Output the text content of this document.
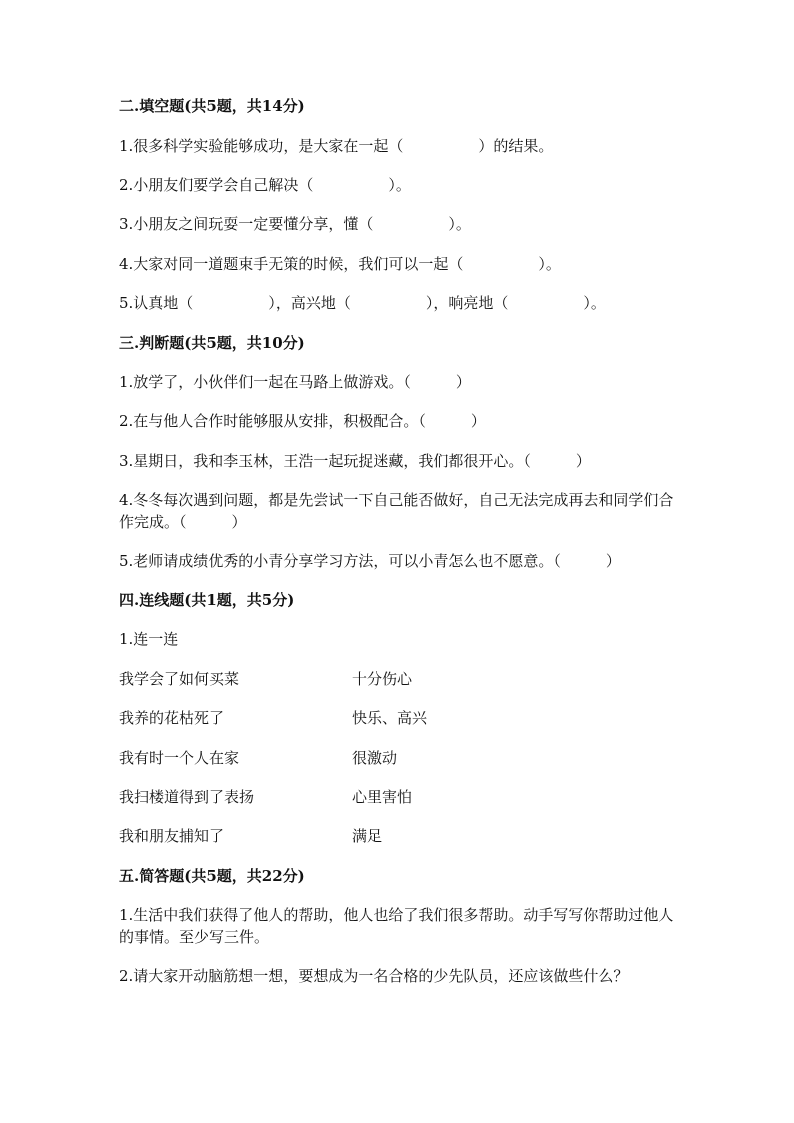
二.填空题(共5题，共14分)
1.很多科学实验能够成功，是大家在一起（　　　　　）的结果。
2.小朋友们要学会自己解决（　　　　　）。
3.小朋友之间玩耍一定要懂分享，懂（　　　　　）。
4.大家对同一道题束手无策的时候，我们可以一起（　　　　　）。
5.认真地（　　　　　），高兴地（　　　　　），响亮地（　　　　　）。
三.判断题(共5题，共10分)
1.放学了，小伙伴们一起在马路上做游戏。（　　　）
2.在与他人合作时能够服从安排，积极配合。（　　　）
3.星期日，我和李玉林，王浩一起玩捉迷藏，我们都很开心。（　　　）
4.冬冬每次遇到问题，都是先尝试一下自己能否做好，自己无法完成再去和同学们合作完成。（　　　）
5.老师请成绩优秀的小青分享学习方法，可以小青怎么也不愿意。（　　　）
四.连线题(共1题，共5分)
1.连一连
我学会了如何买菜	十分伤心
我养的花枯死了	快乐、高兴
我有时一个人在家	很激动
我扫楼道得到了表扬	心里害怕
我和朋友捕知了	满足
五.简答题(共5题，共22分)
1.生活中我们获得了他人的帮助，他人也给了我们很多帮助。动手写写你帮助过他人的事情。至少写三件。
2.请大家开动脑筋想一想，要想成为一名合格的少先队员，还应该做些什么？
